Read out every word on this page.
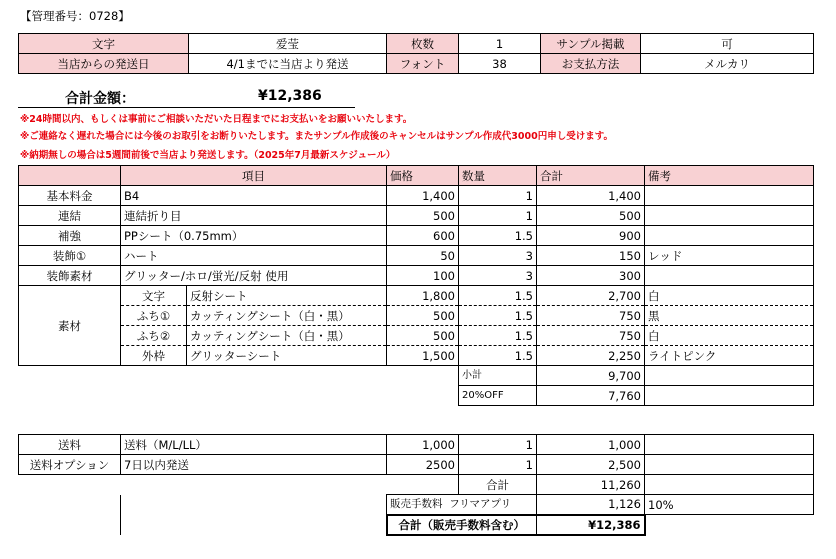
【管理番号：0728】
文字	爱莹	枚数	1	サンプル掲載	可
当店からの発送日	4/1までに当店より発送	フォント	38	お支払方法	メルカリ
合計金額：	¥12,386
※24時間以内、もしくは事前にご相談いただいた日程までにお支払いをお願いいたします。
※ご連絡なく遅れた場合には今後のお取引をお断りいたします。またサンプル作成後のキャンセルはサンプル作成代3000円申し受けます。
※納期無しの場合は5週間前後で当店より発送します。（2025年7月最新スケジュール）
	項目		価格	数量	合計	備考
基本料金	B4		1,400	1	1,400	
連結	連結折り目		500	1	500	
補強	PPシート（0.75mm）		600	1.5	900	
装飾①	ハート		50	3	150	レッド
装飾素材	グリッター/ホロ/蛍光/反射 使用		100	3	300	
素材	文字	反射シート	1,800	1.5	2,700	白
	ふち①	カッティングシート（白・黒）	500	1.5	750	黒
	ふち②	カッティングシート（白・黒）	500	1.5	750	白
	外枠	グリッターシート	1,500	1.5	2,250	ライトピンク
				小計	9,700	
				20%OFF	7,760	
送料	送料（M/L/LL）	1,000	1	1,000	
送料オプション	7日以内発送	2500	1	2,500	
			合計	11,260	
		販売手数料 フリマアプリ		1,126	10%
		合計（販売手数料含む）		¥12,386	
